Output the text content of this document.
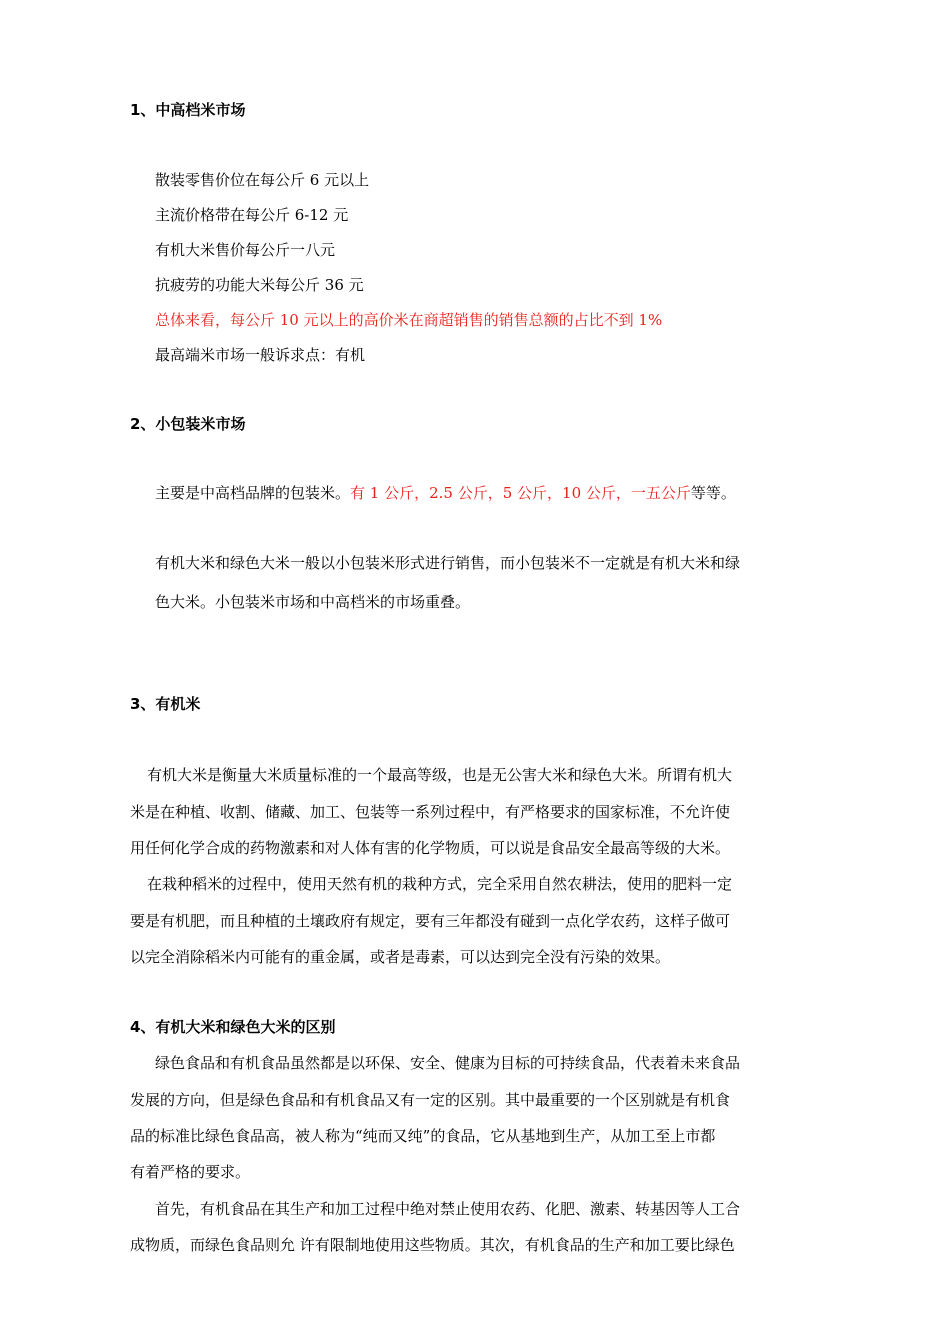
1、中高档米市场
散装零售价位在每公斤 6 元以上
主流价格带在每公斤 6-12 元
有机大米售价每公斤一八元
抗疲劳的功能大米每公斤 36 元
总体来看，每公斤 10 元以上的高价米在商超销售的销售总额的占比不到 1%
最高端米市场一般诉求点：有机
2、小包装米市场
主要是中高档品牌的包装米。有 1 公斤，2.5 公斤，5 公斤，10 公斤，一五公斤等等。
有机大米和绿色大米一般以小包装米形式进行销售，而小包装米不一定就是有机大米和绿
色大米。小包装米市场和中高档米的市场重叠。
3、有机米
有机大米是衡量大米质量标准的一个最高等级，也是无公害大米和绿色大米。所谓有机大
米是在种植、收割、储藏、加工、包装等一系列过程中，有严格要求的国家标准，不允许使
用任何化学合成的药物激素和对人体有害的化学物质，可以说是食品安全最高等级的大米。
在栽种稻米的过程中，使用天然有机的栽种方式，完全采用自然农耕法，使用的肥料一定
要是有机肥，而且种植的土壤政府有规定，要有三年都没有碰到一点化学农药，这样子做可
以完全消除稻米内可能有的重金属，或者是毒素，可以达到完全没有污染的效果。
4、有机大米和绿色大米的区别
绿色食品和有机食品虽然都是以环保、安全、健康为目标的可持续食品，代表着未来食品
发展的方向，但是绿色食品和有机食品又有一定的区别。其中最重要的一个区别就是有机食
品的标准比绿色食品高，被人称为“纯而又纯”的食品，它从基地到生产，从加工至上市都
有着严格的要求。
首先，有机食品在其生产和加工过程中绝对禁止使用农药、化肥、激素、转基因等人工合
成物质，而绿色食品则允 许有限制地使用这些物质。其次，有机食品的生产和加工要比绿色
